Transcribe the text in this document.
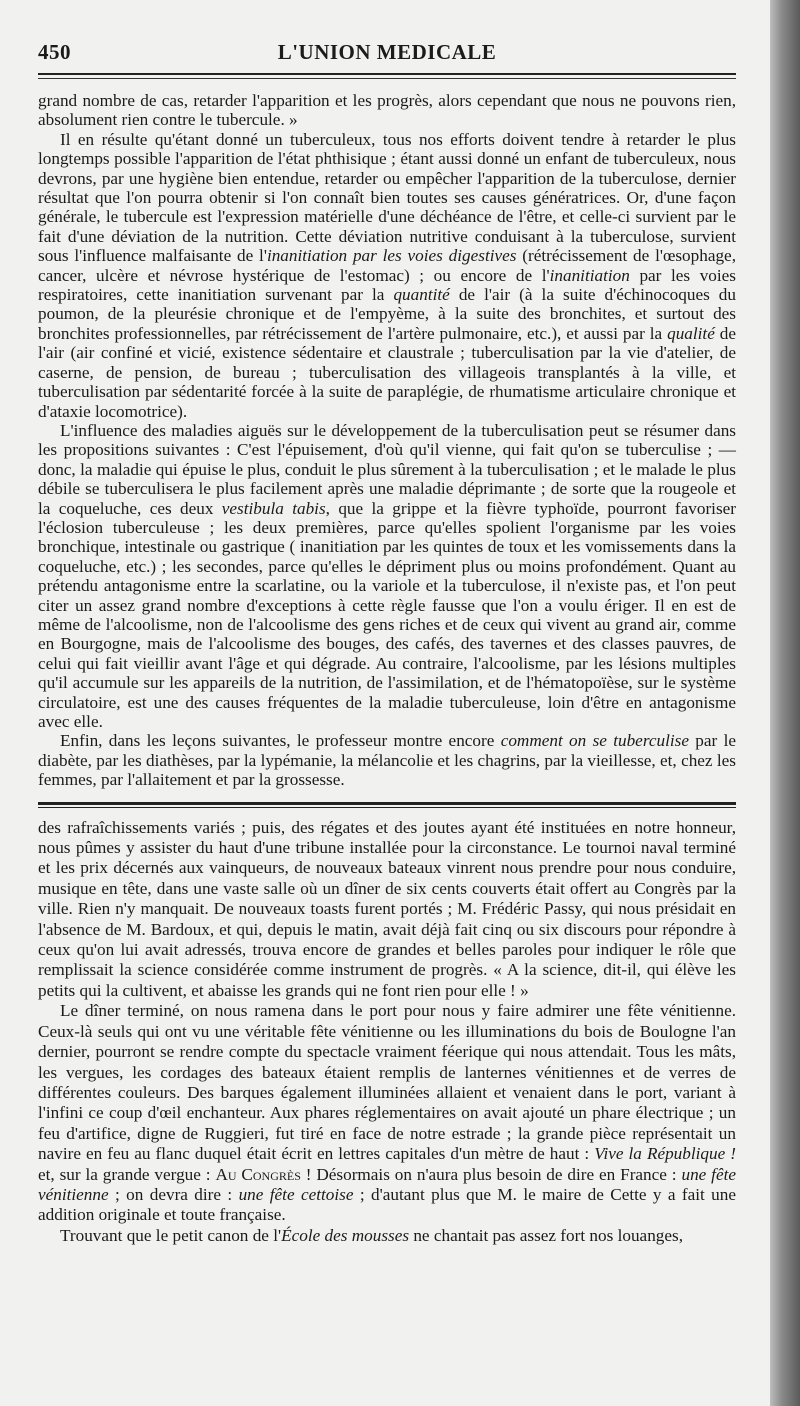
450	L'UNION MEDICALE

grand nombre de cas, retarder l'apparition et les progrès, alors cependant que nous ne pouvons rien, absolument rien contre le tubercule. »

Il en résulte qu'étant donné un tuberculeux, tous nos efforts doivent tendre à retarder le plus longtemps possible l'apparition de l'état phthisique ; étant aussi donné un enfant de tuberculeux, nous devrons, par une hygiène bien entendue, retarder ou empêcher l'apparition de la tuberculose, dernier résultat que l'on pourra obtenir si l'on connaît bien toutes ses causes génératrices. Or, d'une façon générale, le tubercule est l'expression matérielle d'une déchéance de l'être, et celle-ci survient par le fait d'une déviation de la nutrition. Cette déviation nutritive conduisant à la tuberculose, survient sous l'influence malfaisante de l'inanitiation par les voies digestives (rétrécissement de l'œsophage, cancer, ulcère et névrose hystérique de l'estomac) ; ou encore de l'inanitiation par les voies respiratoires, cette inanitiation survenant par la quantité de l'air (à la suite d'échinocoques du poumon, de la pleurésie chronique et de l'empyème, à la suite des bronchites, et surtout des bronchites professionnelles, par rétrécissement de l'artère pulmonaire, etc.), et aussi par la qualité de l'air (air confiné et vicié, existence sédentaire et claustrale ; tuberculisation par la vie d'atelier, de caserne, de pension, de bureau ; tuberculisation des villageois transplantés à la ville, et tuberculisation par sédentarité forcée à la suite de paraplégie, de rhumatisme articulaire chronique et d'ataxie locomotrice).

L'influence des maladies aiguës sur le développement de la tuberculisation peut se résumer dans les propositions suivantes : C'est l'épuisement, d'où qu'il vienne, qui fait qu'on se tuberculise ; — donc, la maladie qui épuise le plus, conduit le plus sûrement à la tuberculisation ; et le malade le plus débile se tuberculisera le plus facilement après une maladie déprimante ; de sorte que la rougeole et la coqueluche, ces deux vestibula tabis, que la grippe et la fièvre typhoïde, pourront favoriser l'éclosion tuberculeuse ; les deux premières, parce qu'elles spolient l'organisme par les voies bronchique, intestinale ou gastrique ( inanitiation par les quintes de toux et les vomissements dans la coqueluche, etc.) ; les secondes, parce qu'elles le dépriment plus ou moins profondément. Quant au prétendu antagonisme entre la scarlatine, ou la variole et la tuberculose, il n'existe pas, et l'on peut citer un assez grand nombre d'exceptions à cette règle fausse que l'on a voulu ériger. Il en est de même de l'alcoolisme, non de l'alcoolisme des gens riches et de ceux qui vivent au grand air, comme en Bourgogne, mais de l'alcoolisme des bouges, des cafés, des tavernes et des classes pauvres, de celui qui fait vieillir avant l'âge et qui dégrade. Au contraire, l'alcoolisme, par les lésions multiples qu'il accumule sur les appareils de la nutrition, de l'assimilation, et de l'hématopoïèse, sur le système circulatoire, est une des causes fréquentes de la maladie tuberculeuse, loin d'être en antagonisme avec elle.

Enfin, dans les leçons suivantes, le professeur montre encore comment on se tuberculise par le diabète, par les diathèses, par la lypémanie, la mélancolie et les chagrins, par la vieillesse, et, chez les femmes, par l'allaitement et par la grossesse.

des rafraîchissements variés ; puis, des régates et des joutes ayant été instituées en notre honneur, nous pûmes y assister du haut d'une tribune installée pour la circonstance. Le tournoi naval terminé et les prix décernés aux vainqueurs, de nouveaux bateaux vinrent nous prendre pour nous conduire, musique en tête, dans une vaste salle où un dîner de six cents couverts était offert au Congrès par la ville. Rien n'y manquait. De nouveaux toasts furent portés ; M. Frédéric Passy, qui nous présidait en l'absence de M. Bardoux, et qui, depuis le matin, avait déjà fait cinq ou six discours pour répondre à ceux qu'on lui avait adressés, trouva encore de grandes et belles paroles pour indiquer le rôle que remplissait la science considérée comme instrument de progrès. « A la science, dit-il, qui élève les petits qui la cultivent, et abaisse les grands qui ne font rien pour elle ! »

Le dîner terminé, on nous ramena dans le port pour nous y faire admirer une fête vénitienne. Ceux-là seuls qui ont vu une véritable fête vénitienne ou les illuminations du bois de Boulogne l'an dernier, pourront se rendre compte du spectacle vraiment féerique qui nous attendait. Tous les mâts, les vergues, les cordages des bateaux étaient remplis de lanternes vénitiennes et de verres de différentes couleurs. Des barques également illuminées allaient et venaient dans le port, variant à l'infini ce coup d'œil enchanteur. Aux phares réglementaires on avait ajouté un phare électrique ; un feu d'artifice, digne de Ruggieri, fut tiré en face de notre estrade ; la grande pièce représentait un navire en feu au flanc duquel était écrit en lettres capitales d'un mètre de haut : Vive la République ! et, sur la grande vergue : Au Congrès ! Désormais on n'aura plus besoin de dire en France : une fête vénitienne ; on devra dire : une fête cettoise ; d'autant plus que M. le maire de Cette y a fait une addition originale et toute française.

Trouvant que le petit canon de l'École des mousses ne chantait pas assez fort nos louanges,
